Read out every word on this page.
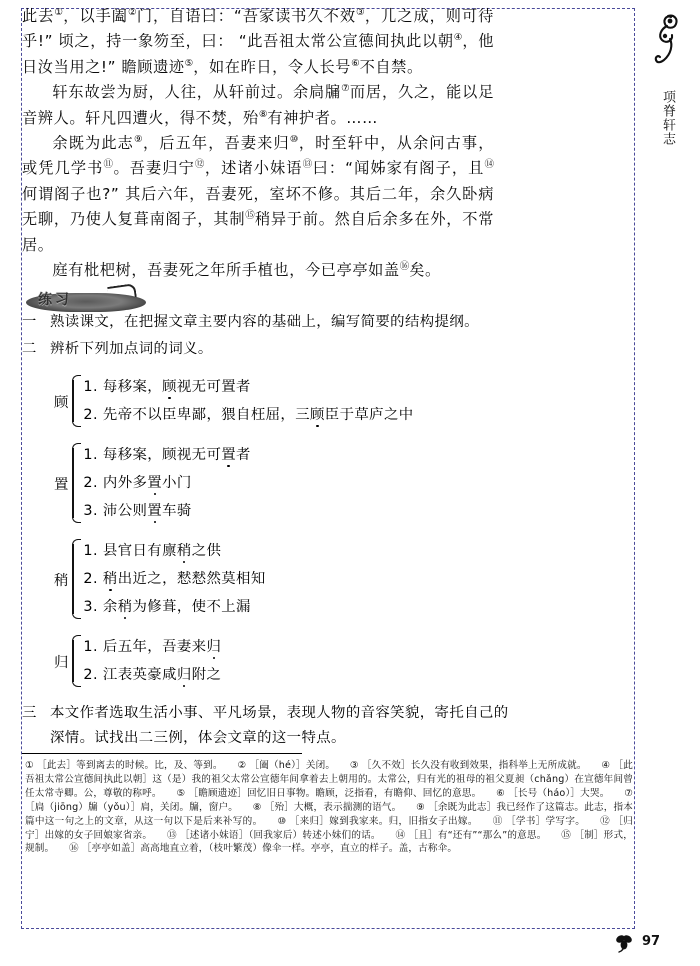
此去①，以手阖②门，自语曰：“吾家读书久不效③，儿之成，则可待乎!” 顷之，持一象笏至，曰： “此吾祖太常公宣德间执此以朝④，他日汝当用之!” 瞻顾遗迹⑤，如在昨日，令人长号⑥不自禁。
轩东故尝为厨，人往，从轩前过。余扃牖⑦而居，久之，能以足音辨人。轩凡四遭火，得不焚，殆⑧有神护者。……
余既为此志⑨，后五年，吾妻来归⑩，时至轩中，从余问古事，或凭几学书⑪。吾妻归宁⑫，述诸小妹语⑬曰：“闻姊家有阁子，且⑭何谓阁子也?” 其后六年，吾妻死，室坏不修。其后二年，余久卧病无聊，乃使人复葺南阁子，其制⑮稍异于前。然自后余多在外，不常居。
庭有枇杷树，吾妻死之年所手植也，今已亭亭如盖⑯矣。
练习
一 熟读课文，在把握文章主要内容的基础上，编写简要的结构提纲。
二 辨析下列加点词的词义。
顾
1. 每移案，顾视无可置者
2. 先帝不以臣卑鄙，猥自枉屈，三顾臣于草庐之中
置
1. 每移案，顾视无可置者
2. 内外多置小门
3. 沛公则置车骑
稍
1. 县官日有廪稍之供
2. 稍出近之，慭慭然莫相知
3. 余稍为修葺，使不上漏
归
1. 后五年，吾妻来归
2. 江表英豪咸归附之
三 本文作者选取生活小事、平凡场景，表现人物的音容笑貌，寄托自己的深情。试找出二三例，体会文章的这一特点。
① ［此去］等到离去的时候。比，及、等到。 ② ［阖（hé）］关闭。 ③ ［久不效］长久没有收到效果，指科举上无所成就。 ④ ［此吾祖太常公宣德间执此以朝］这（是）我的祖父太常公宣德年间拿着去上朝用的。太常公，归有光的祖母的祖父夏昶（chǎng）在宣德年间曾任太常寺卿。公，尊敬的称呼。 ⑤ ［瞻顾遗迹］回忆旧日事物。瞻顾，泛指看，有瞻仰、回忆的意思。 ⑥ ［长号（háo）］大哭。 ⑦ ［扃（jiōng）牖（yǒu）］扃，关闭。牖，窗户。 ⑧ ［殆］大概，表示揣测的语气。 ⑨ ［余既为此志］我已经作了这篇志。此志，指本篇中这一句之上的文章，从这一句以下是后来补写的。 ⑩ ［来归］嫁到我家来。归，旧指女子出嫁。 ⑪ ［学书］学写字。 ⑫ ［归宁］出嫁的女子回娘家省亲。 ⑬ ［述诸小妹语］（回我家后）转述小妹们的话。 ⑭ ［且］有“还有”“那么”的意思。 ⑮ ［制］形式，规制。 ⑯ ［亭亭如盖］高高地直立着，（枝叶繁茂）像伞一样。亭亭，直立的样子。盖，古称伞。
项脊轩志
97
